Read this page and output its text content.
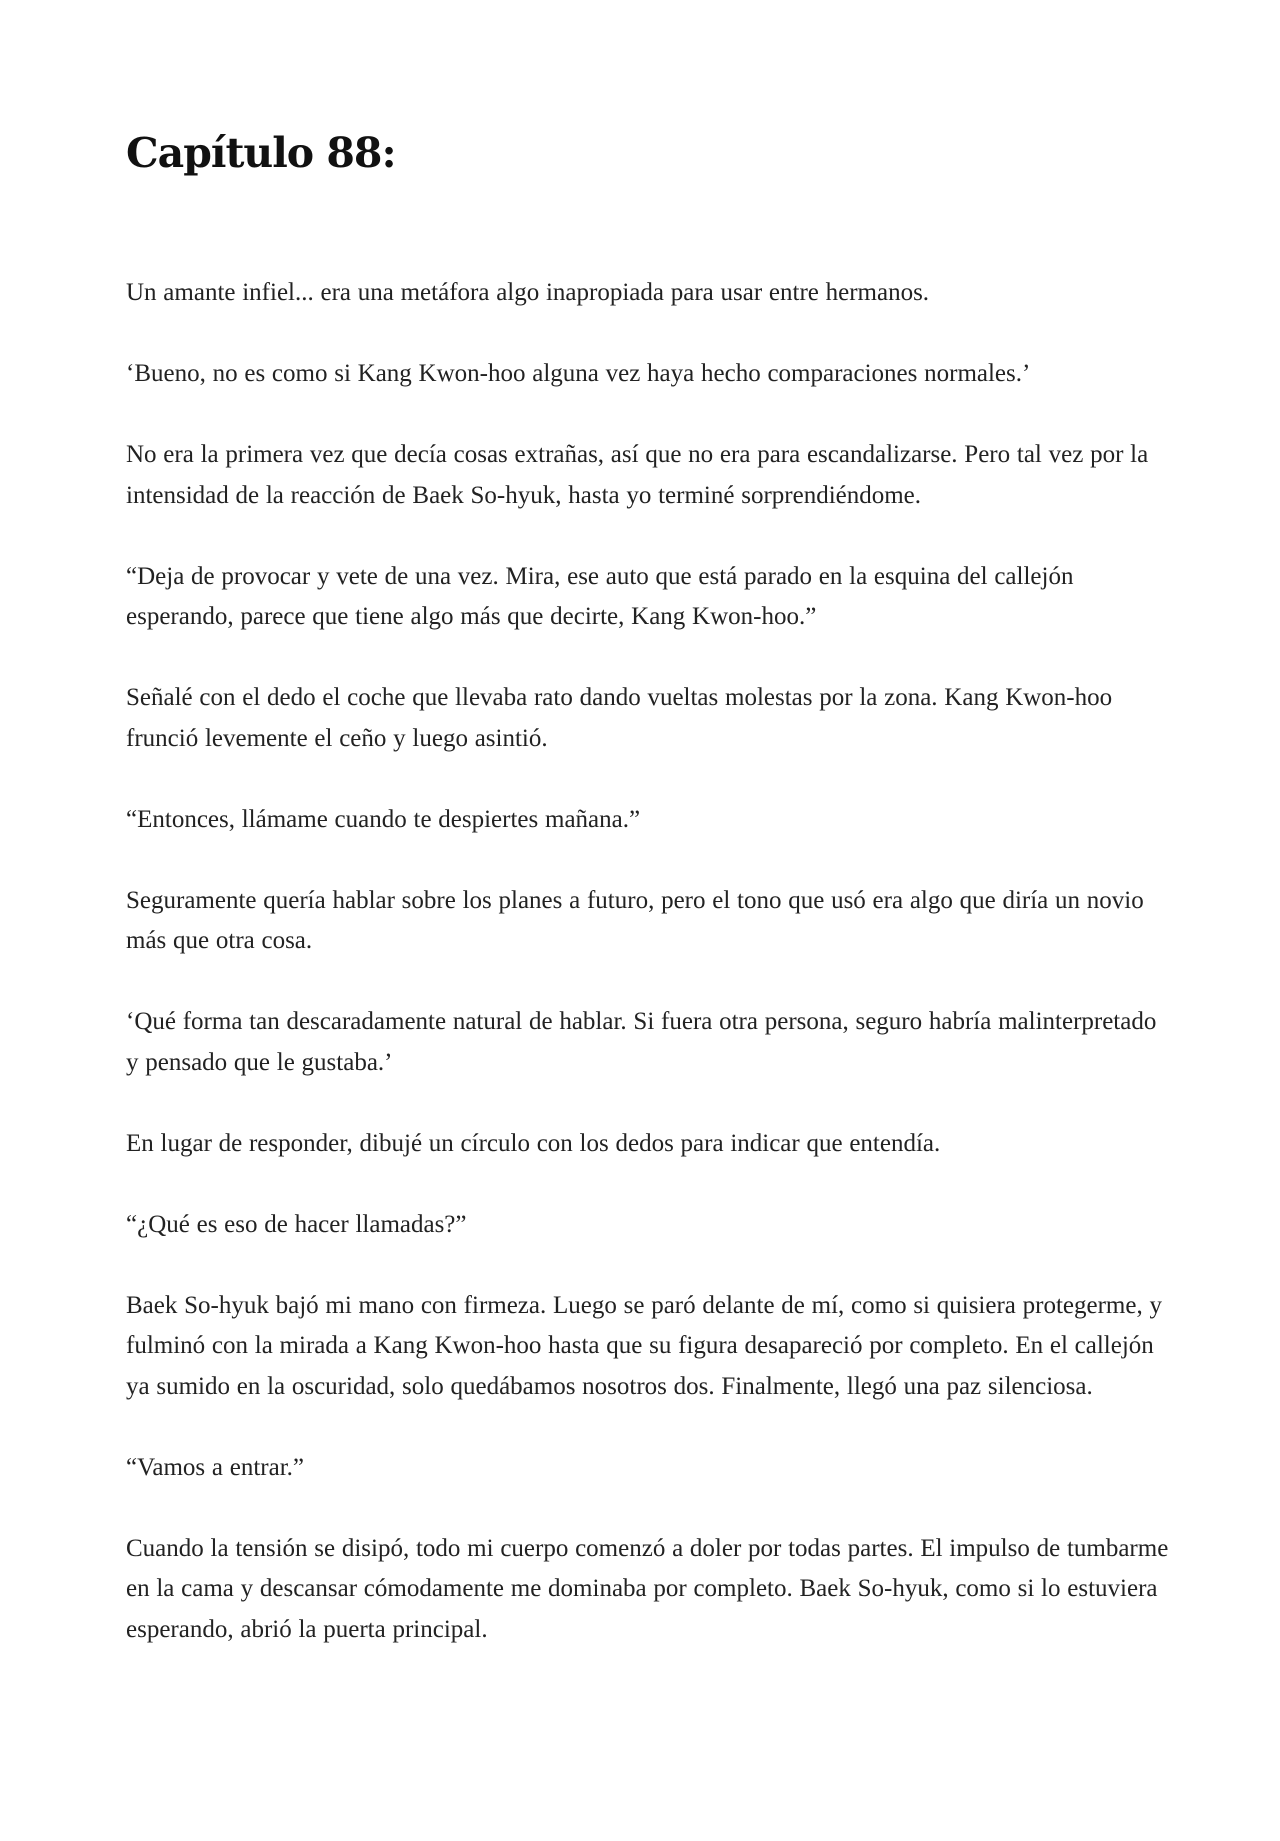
Capítulo 88:

Un amante infiel... era una metáfora algo inapropiada para usar entre hermanos.

‘Bueno, no es como si Kang Kwon-hoo alguna vez haya hecho comparaciones normales.’

No era la primera vez que decía cosas extrañas, así que no era para escandalizarse. Pero tal vez por la intensidad de la reacción de Baek So-hyuk, hasta yo terminé sorprendiéndome.

“Deja de provocar y vete de una vez. Mira, ese auto que está parado en la esquina del callejón esperando, parece que tiene algo más que decirte, Kang Kwon-hoo.”

Señalé con el dedo el coche que llevaba rato dando vueltas molestas por la zona. Kang Kwon-hoo frunció levemente el ceño y luego asintió.

“Entonces, llámame cuando te despiertes mañana.”

Seguramente quería hablar sobre los planes a futuro, pero el tono que usó era algo que diría un novio más que otra cosa.

‘Qué forma tan descaradamente natural de hablar. Si fuera otra persona, seguro habría malinterpretado y pensado que le gustaba.’

En lugar de responder, dibujé un círculo con los dedos para indicar que entendía.

“¿Qué es eso de hacer llamadas?”

Baek So-hyuk bajó mi mano con firmeza. Luego se paró delante de mí, como si quisiera protegerme, y fulminó con la mirada a Kang Kwon-hoo hasta que su figura desapareció por completo. En el callejón ya sumido en la oscuridad, solo quedábamos nosotros dos. Finalmente, llegó una paz silenciosa.

“Vamos a entrar.”

Cuando la tensión se disipó, todo mi cuerpo comenzó a doler por todas partes. El impulso de tumbarme en la cama y descansar cómodamente me dominaba por completo. Baek So-hyuk, como si lo estuviera esperando, abrió la puerta principal.
